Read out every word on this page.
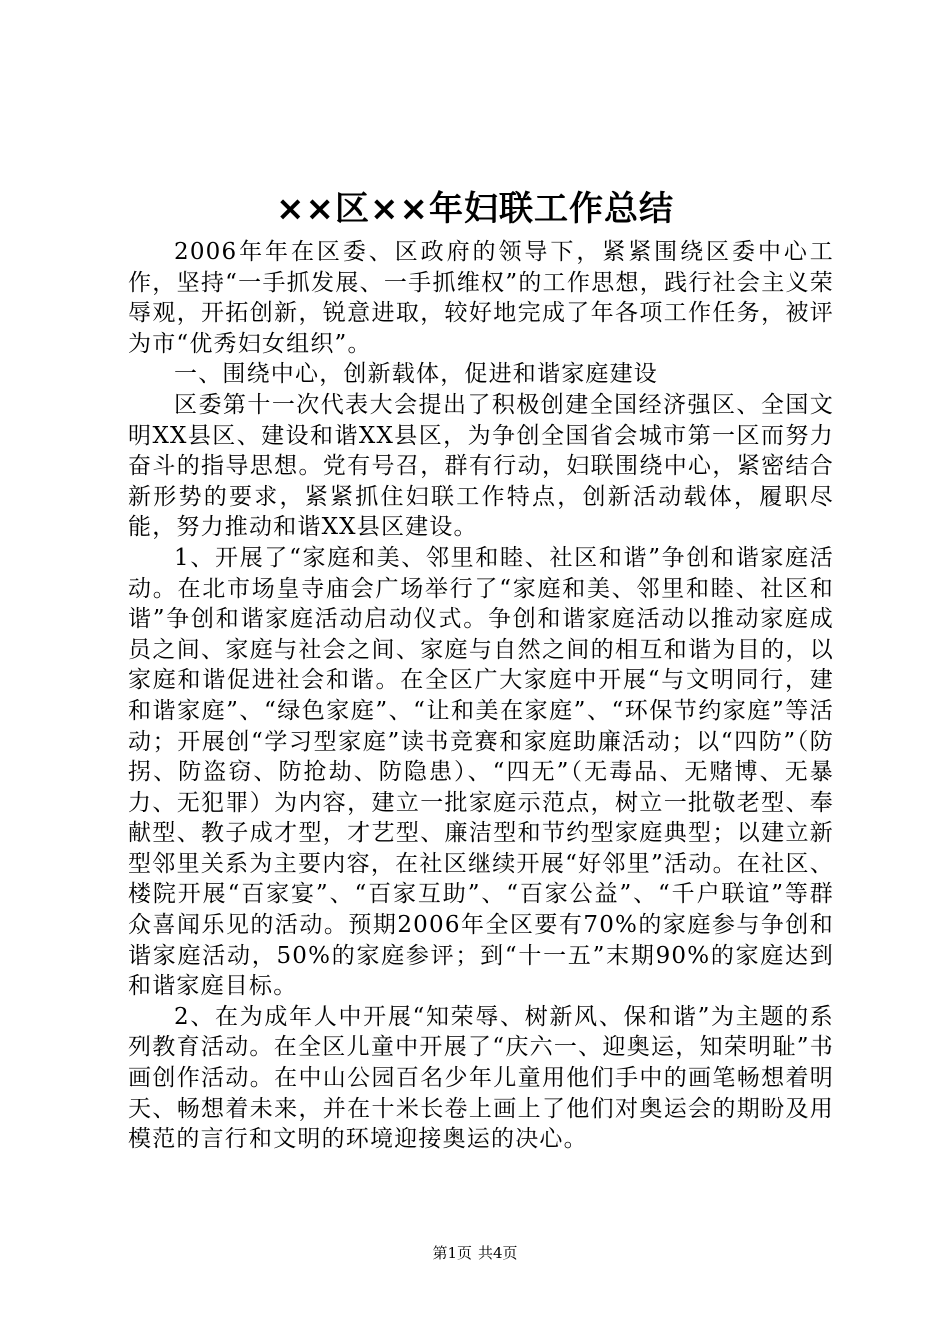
××区××年妇联工作总结

2006年年在区委、区政府的领导下，紧紧围绕区委中心工作，坚持“一手抓发展、一手抓维权”的工作思想，践行社会主义荣辱观，开拓创新，锐意进取，较好地完成了年各项工作任务，被评为市“优秀妇女组织”。

一、围绕中心，创新载体，促进和谐家庭建设

区委第十一次代表大会提出了积极创建全国经济强区、全国文明XX县区、建设和谐XX县区，为争创全国省会城市第一区而努力奋斗的指导思想。党有号召，群有行动，妇联围绕中心，紧密结合新形势的要求，紧紧抓住妇联工作特点，创新活动载体，履职尽能，努力推动和谐XX县区建设。

1、开展了“家庭和美、邻里和睦、社区和谐”争创和谐家庭活动。在北市场皇寺庙会广场举行了“家庭和美、邻里和睦、社区和谐”争创和谐家庭活动启动仪式。争创和谐家庭活动以推动家庭成员之间、家庭与社会之间、家庭与自然之间的相互和谐为目的，以家庭和谐促进社会和谐。在全区广大家庭中开展“与文明同行，建和谐家庭”、“绿色家庭”、“让和美在家庭”、“环保节约家庭”等活动；开展创“学习型家庭”读书竞赛和家庭助廉活动；以“四防”（防拐、防盗窃、防抢劫、防隐患）、“四无”（无毒品、无赌博、无暴力、无犯罪）为内容，建立一批家庭示范点，树立一批敬老型、奉献型、教子成才型，才艺型、廉洁型和节约型家庭典型；以建立新型邻里关系为主要内容，在社区继续开展“好邻里”活动。在社区、楼院开展“百家宴”、“百家互助”、“百家公益”、“千户联谊”等群众喜闻乐见的活动。预期2006年全区要有70%的家庭参与争创和谐家庭活动，50%的家庭参评；到“十一五”末期90%的家庭达到和谐家庭目标。

2、在为成年人中开展“知荣辱、树新风、保和谐”为主题的系列教育活动。在全区儿童中开展了“庆六一、迎奥运，知荣明耻”书画创作活动。在中山公园百名少年儿童用他们手中的画笔畅想着明天、畅想着未来，并在十米长卷上画上了他们对奥运会的期盼及用模范的言行和文明的环境迎接奥运的决心。

第1页 共4页
